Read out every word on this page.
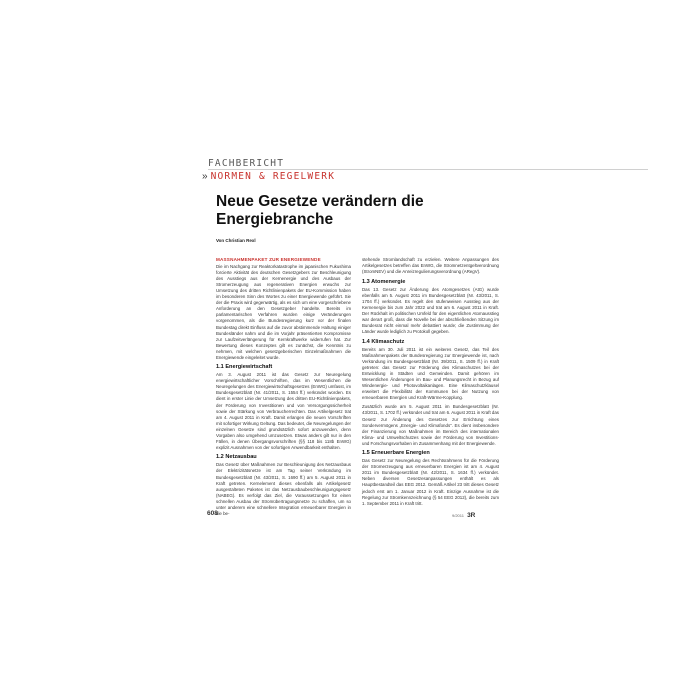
FACHBERICHT
» NORMEN & REGELWERK
Neue Gesetze verändern die Energiebranche
Von Christian Rexl
MASSNAHMENPAKET ZUR ENERGIEWENDE

Die im Nachgang zur Reaktorkatastrophe im japanischen Fukushima forcierte Aktivität des deutschen Gesetzgebers zur Beschleunigung des Ausstiegs aus der Kernenergie und des Ausbaus der Stromerzeugung aus regenerativen Energien erwuchs zur Umsetzung des dritten Richtlinienpakets der EU-Kommission haben im besonderen Sinn des Wortes zu einer Energiewende geführt. Sie der die Praxis wird gegenwärtig, als es sich um eine vorgeschriebene Anforderung an den Gesetzgeber handelte. Bereits im parlamentarischen Verfahren wurden einige Veränderungen vorgenommen, als die Bundesregierung kurz vor der finalen Bundestag direkt Einfluss auf die zuvor abstimmende Haltung einiger Bundesländer nahm und die im Vorjahr präsentierten Kompromisse zur Laufzeitverlängerung für Kernkraftwerke widerrufen hat. Zur Bewertung dieses Konzeptes gilt es zunächst, die Kenntnis zu nehmen, mit welchen gesetzgeberischen Einzelmaßnahmen die Energiewende eingeleitet wurde.

1.1 Energiewirtschaft

Am 3. August 2011 ist das Gesetz zur Neuregelung energiewirtschaftlicher Vorschriften, das im Wesentlichen die Neuregelungen des Energiewirtschaftsgesetzes (EnWG) umfasst, im Bundesgesetzblatt (Nr. 41/2011, S. 1554 ff.) verkündet worden. Es dient in erster Linie der Umsetzung des dritten EU-Richtlinienpakets, der Förderung von Investitionen und von Versorgungssicherheit sowie der Stärkung von Verbraucherrechten. Das Artikelgesetz trat am 4. August 2011 in Kraft. Damit erlangen die neuen Vorschriften mit sofortiger Wirkung Geltung. Das bedeutet, die Neuregelungen der einzelnen Gesetze sind grundsätzlich sofort anzuwenden, denn Vorgaben also umgehend umzusetzen. Etwas anders gilt nur in den Fällen, in denen Übergangsvorschriften (§§ 118 bis 118b EnWG) explizit Ausnahmen von der sofortigen Anwendbarkeit enthalten.

1.2 Netzausbau

Das Gesetz über Maßnahmen zur Beschleunigung des Netzausbaus der Elektrizitätsnetze ist am Tag seiner Verkündung im Bundesgesetzblatt (Nr. 43/2011, S. 1690 ff.) am 5. August 2011 in Kraft getreten. Kernelement dieses ebenfalls als Artikelgesetz ausgestalteten Paketes ist das Netzausbaubeschleunigungsgesetz (NABEG). Es verfolgt das Ziel, die Voraussetzungen für einen schnellen Ausbau der Stromübertragungsnetze zu schaffen, um so unter anderem eine schnellere Integration erneuerbarer Energien in die be-

stehende Stromlandschaft zu erzielen. Weitere Anpassungen des Artikelgesetzes betreffen das EnWG, die Stromnetzentgeltverordnung (StromNEV) und die Anreizregulierungsverordnung (ARegV).

1.3 Atomenergie

Das 13. Gesetz zur Änderung des Atomgesetzes (AtG) wurde ebenfalls am 5. August 2011 im Bundesgesetzblatt (Nr. 43/2011, S. 1704 ff.) verkündet. Es regelt den stufenweisen Ausstieg aus der Kernenergie bis zum Jahr 2022 und trat am 6. August 2011 in Kraft. Der Rückhalt im politischen Umfeld für den eigentlichen Atomausstieg war derart groß, dass die Novelle bei der abschließenden Sitzung im Bundesrat nicht einmal mehr debattiert wurde; die Zustimmung der Länder wurde lediglich zu Protokoll gegeben.

1.4 Klimaschutz

Bereits am 30. Juli 2011 ist ein weiteres Gesetz, das Teil des Maßnahmenpakets der Bundesregierung zur Energiewende ist, nach Verkündung im Bundesgesetzblatt (Nr. 39/2011, S. 1509 ff.) in Kraft getreten: das Gesetz zur Förderung des Klimaschutzes bei der Entwicklung in Städten und Gemeinden. Damit gehören im Wesentlichen Änderungen im Bau- und Planungsrecht in Bezug auf Windenergie- und Photovoltaikanlagen. Eine Klimaschutzklausel erweitert die Flexibilität der Kommunen bei der Nutzung von erneuerbaren Energien und Kraft-Wärme-Kopplung.

Zusätzlich wurde am 5. August 2011 im Bundesgesetzblatt (Nr. 43/2011, S. 1702 ff.) verkündet und trat am 6. August 2011 in Kraft das Gesetz zur Änderung des Gesetzes zur Errichtung eines Sondervermögens „Energie- und Klimafonds“. Es dient insbesondere der Finanzierung von Maßnahmen im Bereich des internationalen Klima- und Umweltschutzes sowie der Förderung von Investitions- und Forschungsvorhaben im Zusammenhang mit der Energiewende.

1.5 Erneuerbare Energien

Das Gesetz zur Neuregelung des Rechtsrahmens für die Förderung der Stromerzeugung aus erneuerbaren Energien ist am 4. August 2011 im Bundesgesetzblatt (Nr. 42/2011, S. 1634 ff.) verkündet. Neben diversen Gesetzesanpassungen enthält es als Hauptbestandteil das EEG 2012. Gemäß Artikel 23 tritt dieses Gesetz jedoch erst am 1. Januar 2012 in Kraft. Einzige Ausnahme ist die Regelung zur Stromkennzeichnung (§ 54 EEG 2012), die bereits zum 1. September 2011 in Kraft tritt.

608	9/2011 3R
